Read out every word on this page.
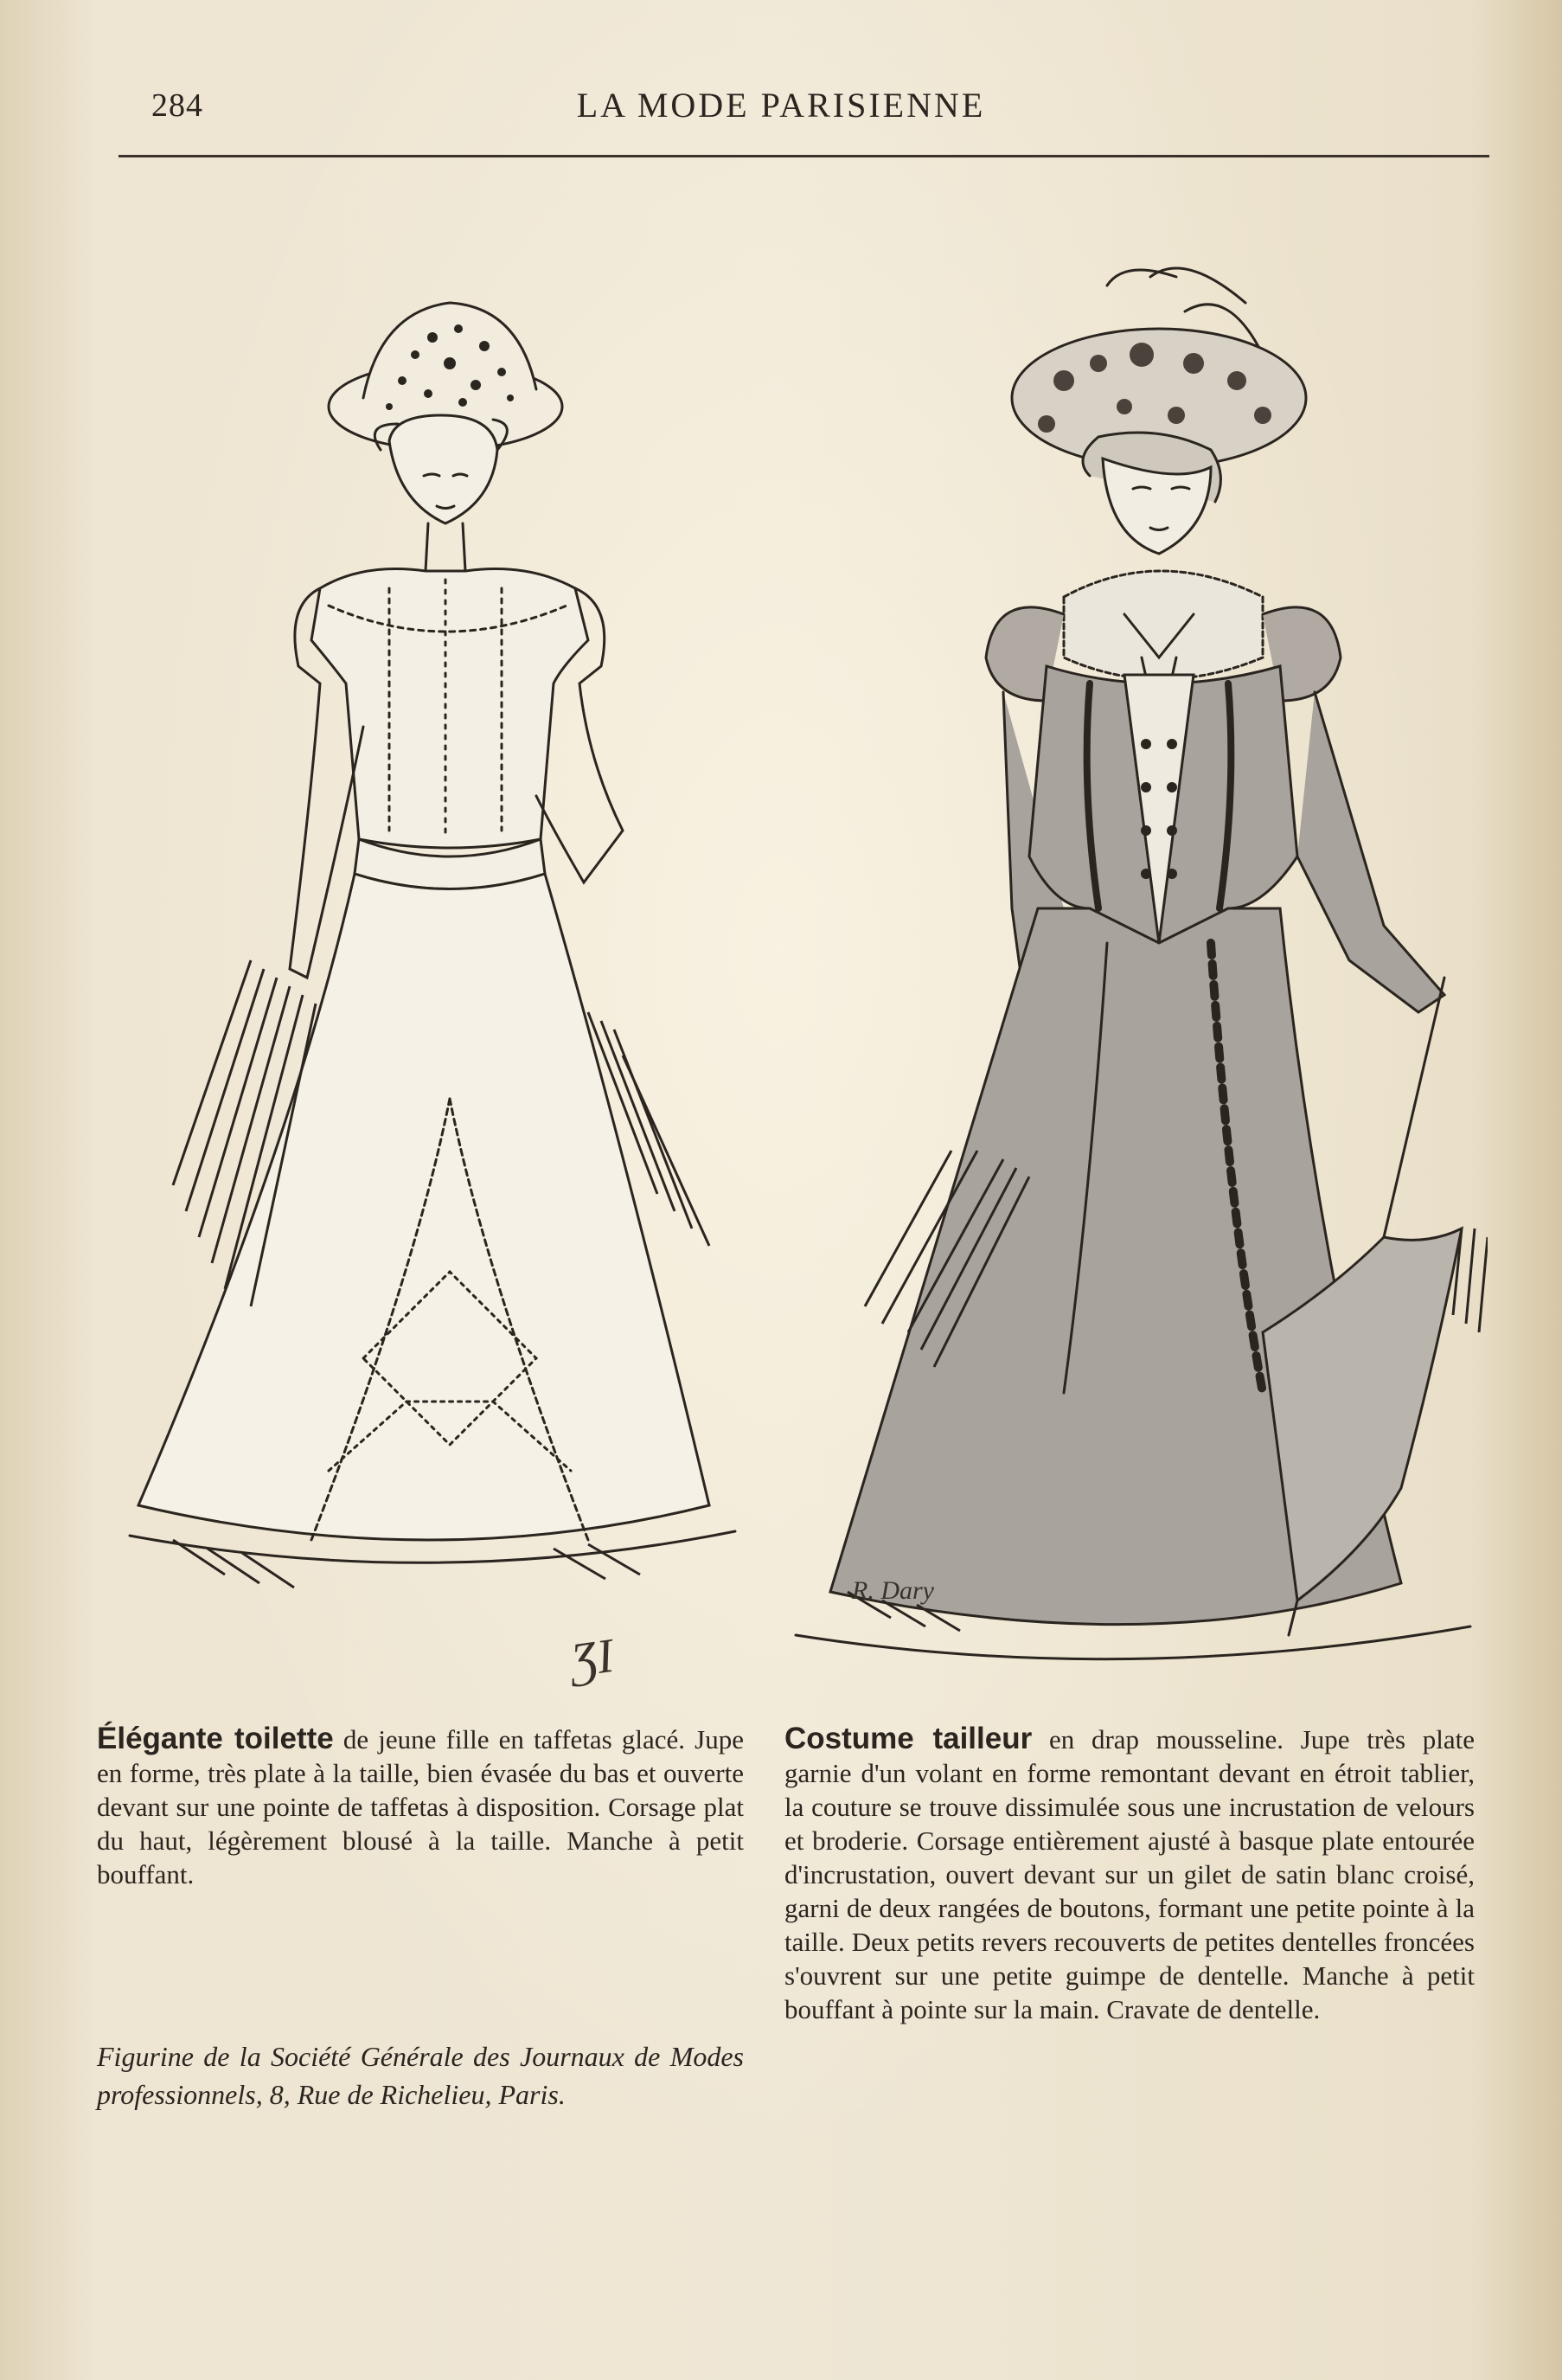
284	LA MODE PARISIENNE
ƷI
R. Dary
Élégante toilette de jeune fille en taffetas glacé. Jupe en forme, très plate à la taille, bien évasée du bas et ouverte devant sur une pointe de taffetas à disposition. Corsage plat du haut, légèrement blousé à la taille. Manche à petit bouffant.
Figurine de la Société Générale des Journaux de Modes professionnels, 8, Rue de Richelieu, Paris.
Costume tailleur en drap mousseline. Jupe très plate garnie d'un volant en forme remontant devant en étroit tablier, la couture se trouve dissimulée sous une incrustation de velours et broderie. Corsage entièrement ajusté à basque plate entourée d'incrustation, ouvert devant sur un gilet de satin blanc croisé, garni de deux rangées de boutons, formant une petite pointe à la taille. Deux petits revers recouverts de petites dentelles froncées s'ouvrent sur une petite guimpe de dentelle. Manche à petit bouffant à pointe sur la main. Cravate de dentelle.
